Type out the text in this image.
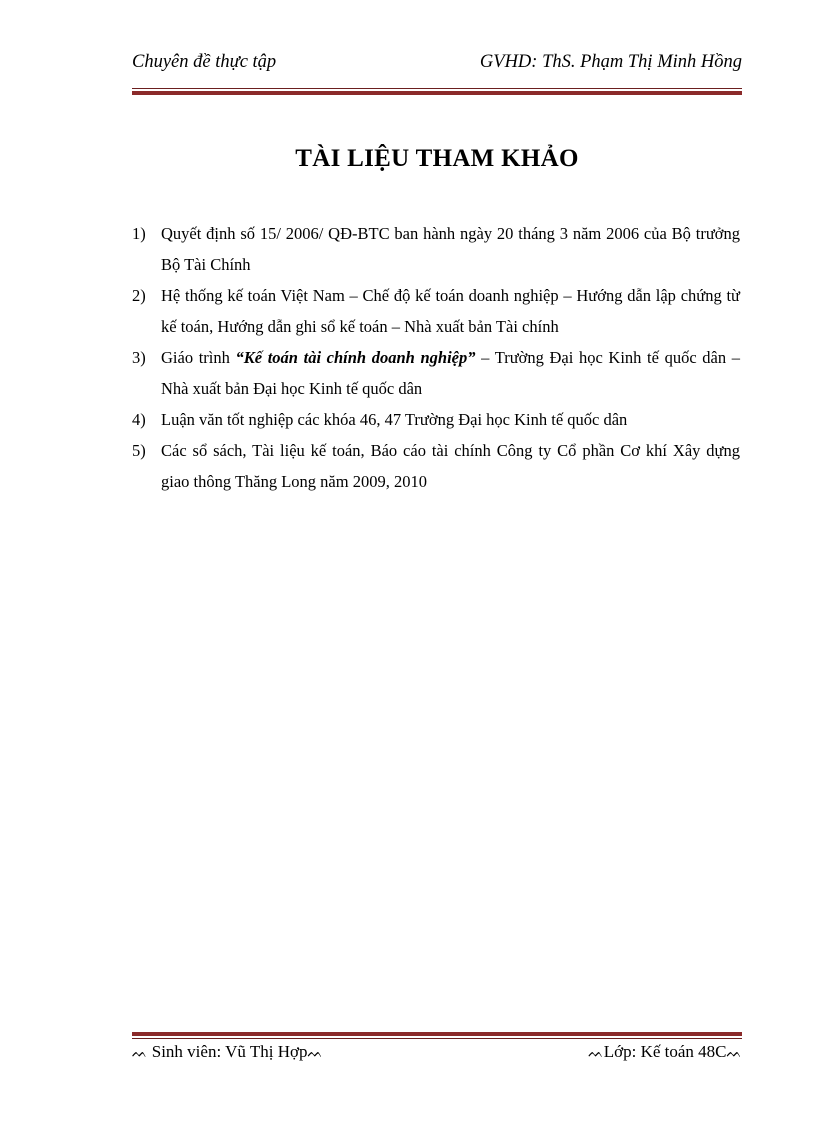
Chuyên đề thực tập	GVHD: ThS. Phạm Thị Minh Hồng
TÀI LIỆU THAM KHẢO
1) Quyết định số 15/ 2006/ QĐ-BTC ban hành ngày 20 tháng 3 năm 2006 của Bộ trưởng Bộ Tài Chính
2) Hệ thống kế toán Việt Nam – Chế độ kế toán doanh nghiệp – Hướng dẫn lập chứng từ kế toán, Hướng dẫn ghi sổ kế toán – Nhà xuất bản Tài chính
3) Giáo trình “Kế toán tài chính doanh nghiệp” – Trường Đại học Kinh tế quốc dân – Nhà xuất bản Đại học Kinh tế quốc dân
4) Luận văn tốt nghiệp các khóa 46, 47 Trường Đại học Kinh tế quốc dân
5) Các sổ sách, Tài liệu kế toán, Báo cáo tài chính Công ty Cổ phần Cơ khí Xây dựng giao thông Thăng Long năm 2009, 2010
ᨓ Sinh viên: Vũ Thị Hợpᨓ	ᨓLớp: Kế toán 48Cᨓ
